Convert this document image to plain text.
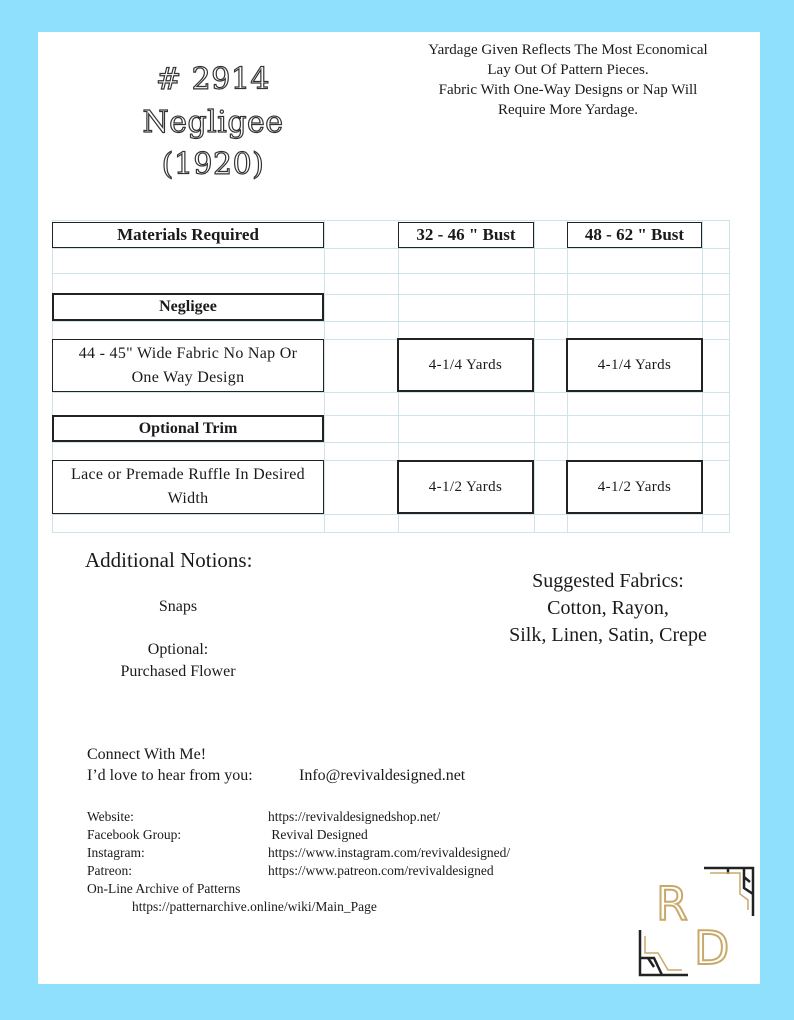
# 2914
Negligee
(1920)
Yardage Given Reflects The Most Economical
Lay Out Of Pattern Pieces.
Fabric With One-Way Designs or Nap Will
Require More Yardage.
Materials Required	32 - 46 " Bust	48 - 62 " Bust
Negligee
44 - 45" Wide Fabric No Nap Or
One Way Design
4-1/4 Yards	4-1/4 Yards
Optional Trim
Lace or Premade Ruffle In Desired
Width
4-1/2 Yards	4-1/2 Yards
Additional Notions:
Snaps
Optional:
Purchased Flower
Suggested Fabrics:
Cotton, Rayon,
Silk, Linen, Satin, Crepe
Connect With Me!
I’d love to hear from you:	Info@revivaldesigned.net
Website:	https://revivaldesignedshop.net/
Facebook Group:	Revival Designed
Instagram:	https://www.instagram.com/revivaldesigned/
Patreon:	https://www.patreon.com/revivaldesigned
On-Line Archive of Patterns
https://patternarchive.online/wiki/Main_Page	R
D
